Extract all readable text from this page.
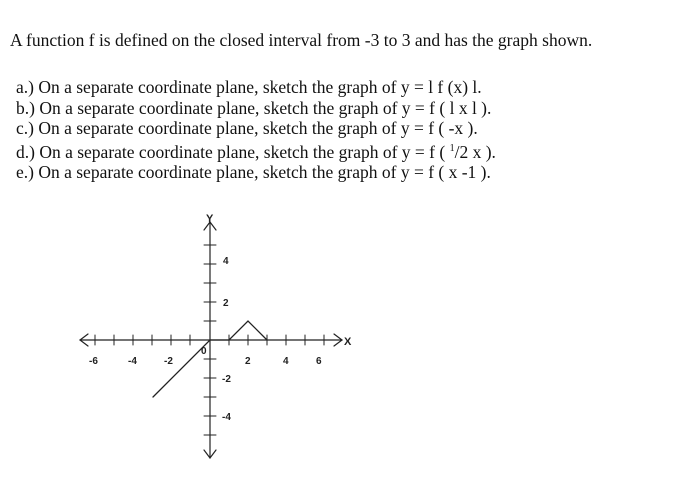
A function f is defined on the closed interval from -3 to 3 and has the graph shown.
a.) On a separate coordinate plane, sketch the graph of y = l f (x) l.
b.) On a separate coordinate plane, sketch the graph of y = f ( l x l ).
c.) On a separate coordinate plane, sketch the graph of y = f ( -x ).
d.) On a separate coordinate plane, sketch the graph of y = f ( $^1$/2 x ).
e.) On a separate coordinate plane, sketch the graph of y = f ( x -1 ).
-6	-4	-2	2	4	6
4
2
-2
-4
0
X
Y
